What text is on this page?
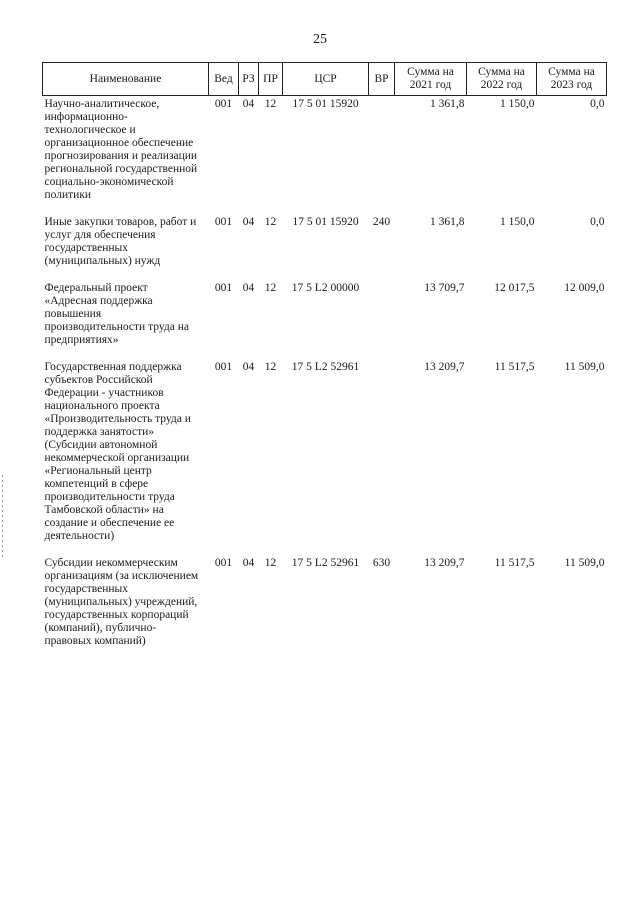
25
Наименование	Вед	РЗ	ПР	ЦСР	ВР	Сумма на 2021 год	Сумма на 2022 год	Сумма на 2023 год
Научно-аналитическое, информационно-технологическое и организационное обеспечение прогнозирования и реализации региональной государственной социально-экономической политики	001	04	12	17 5 01 15920		1 361,8	1 150,0	0,0
Иные закупки товаров, работ и услуг для обеспечения государственных (муниципальных) нужд	001	04	12	17 5 01 15920	240	1 361,8	1 150,0	0,0
Федеральный проект «Адресная поддержка повышения производительности труда на предприятиях»	001	04	12	17 5 L2 00000		13 709,7	12 017,5	12 009,0
Государственная поддержка субъектов Российской Федерации - участников национального проекта «Производительность труда и поддержка занятости» (Субсидии автономной некоммерческой организации «Региональный центр компетенций в сфере производительности труда Тамбовской области» на создание и обеспечение ее деятельности)	001	04	12	17 5 L2 52961		13 209,7	11 517,5	11 509,0
Субсидии некоммерческим организациям (за исключением государственных (муниципальных) учреждений, государственных корпораций (компаний), публично-правовых компаний)	001	04	12	17 5 L2 52961	630	13 209,7	11 517,5	11 509,0
